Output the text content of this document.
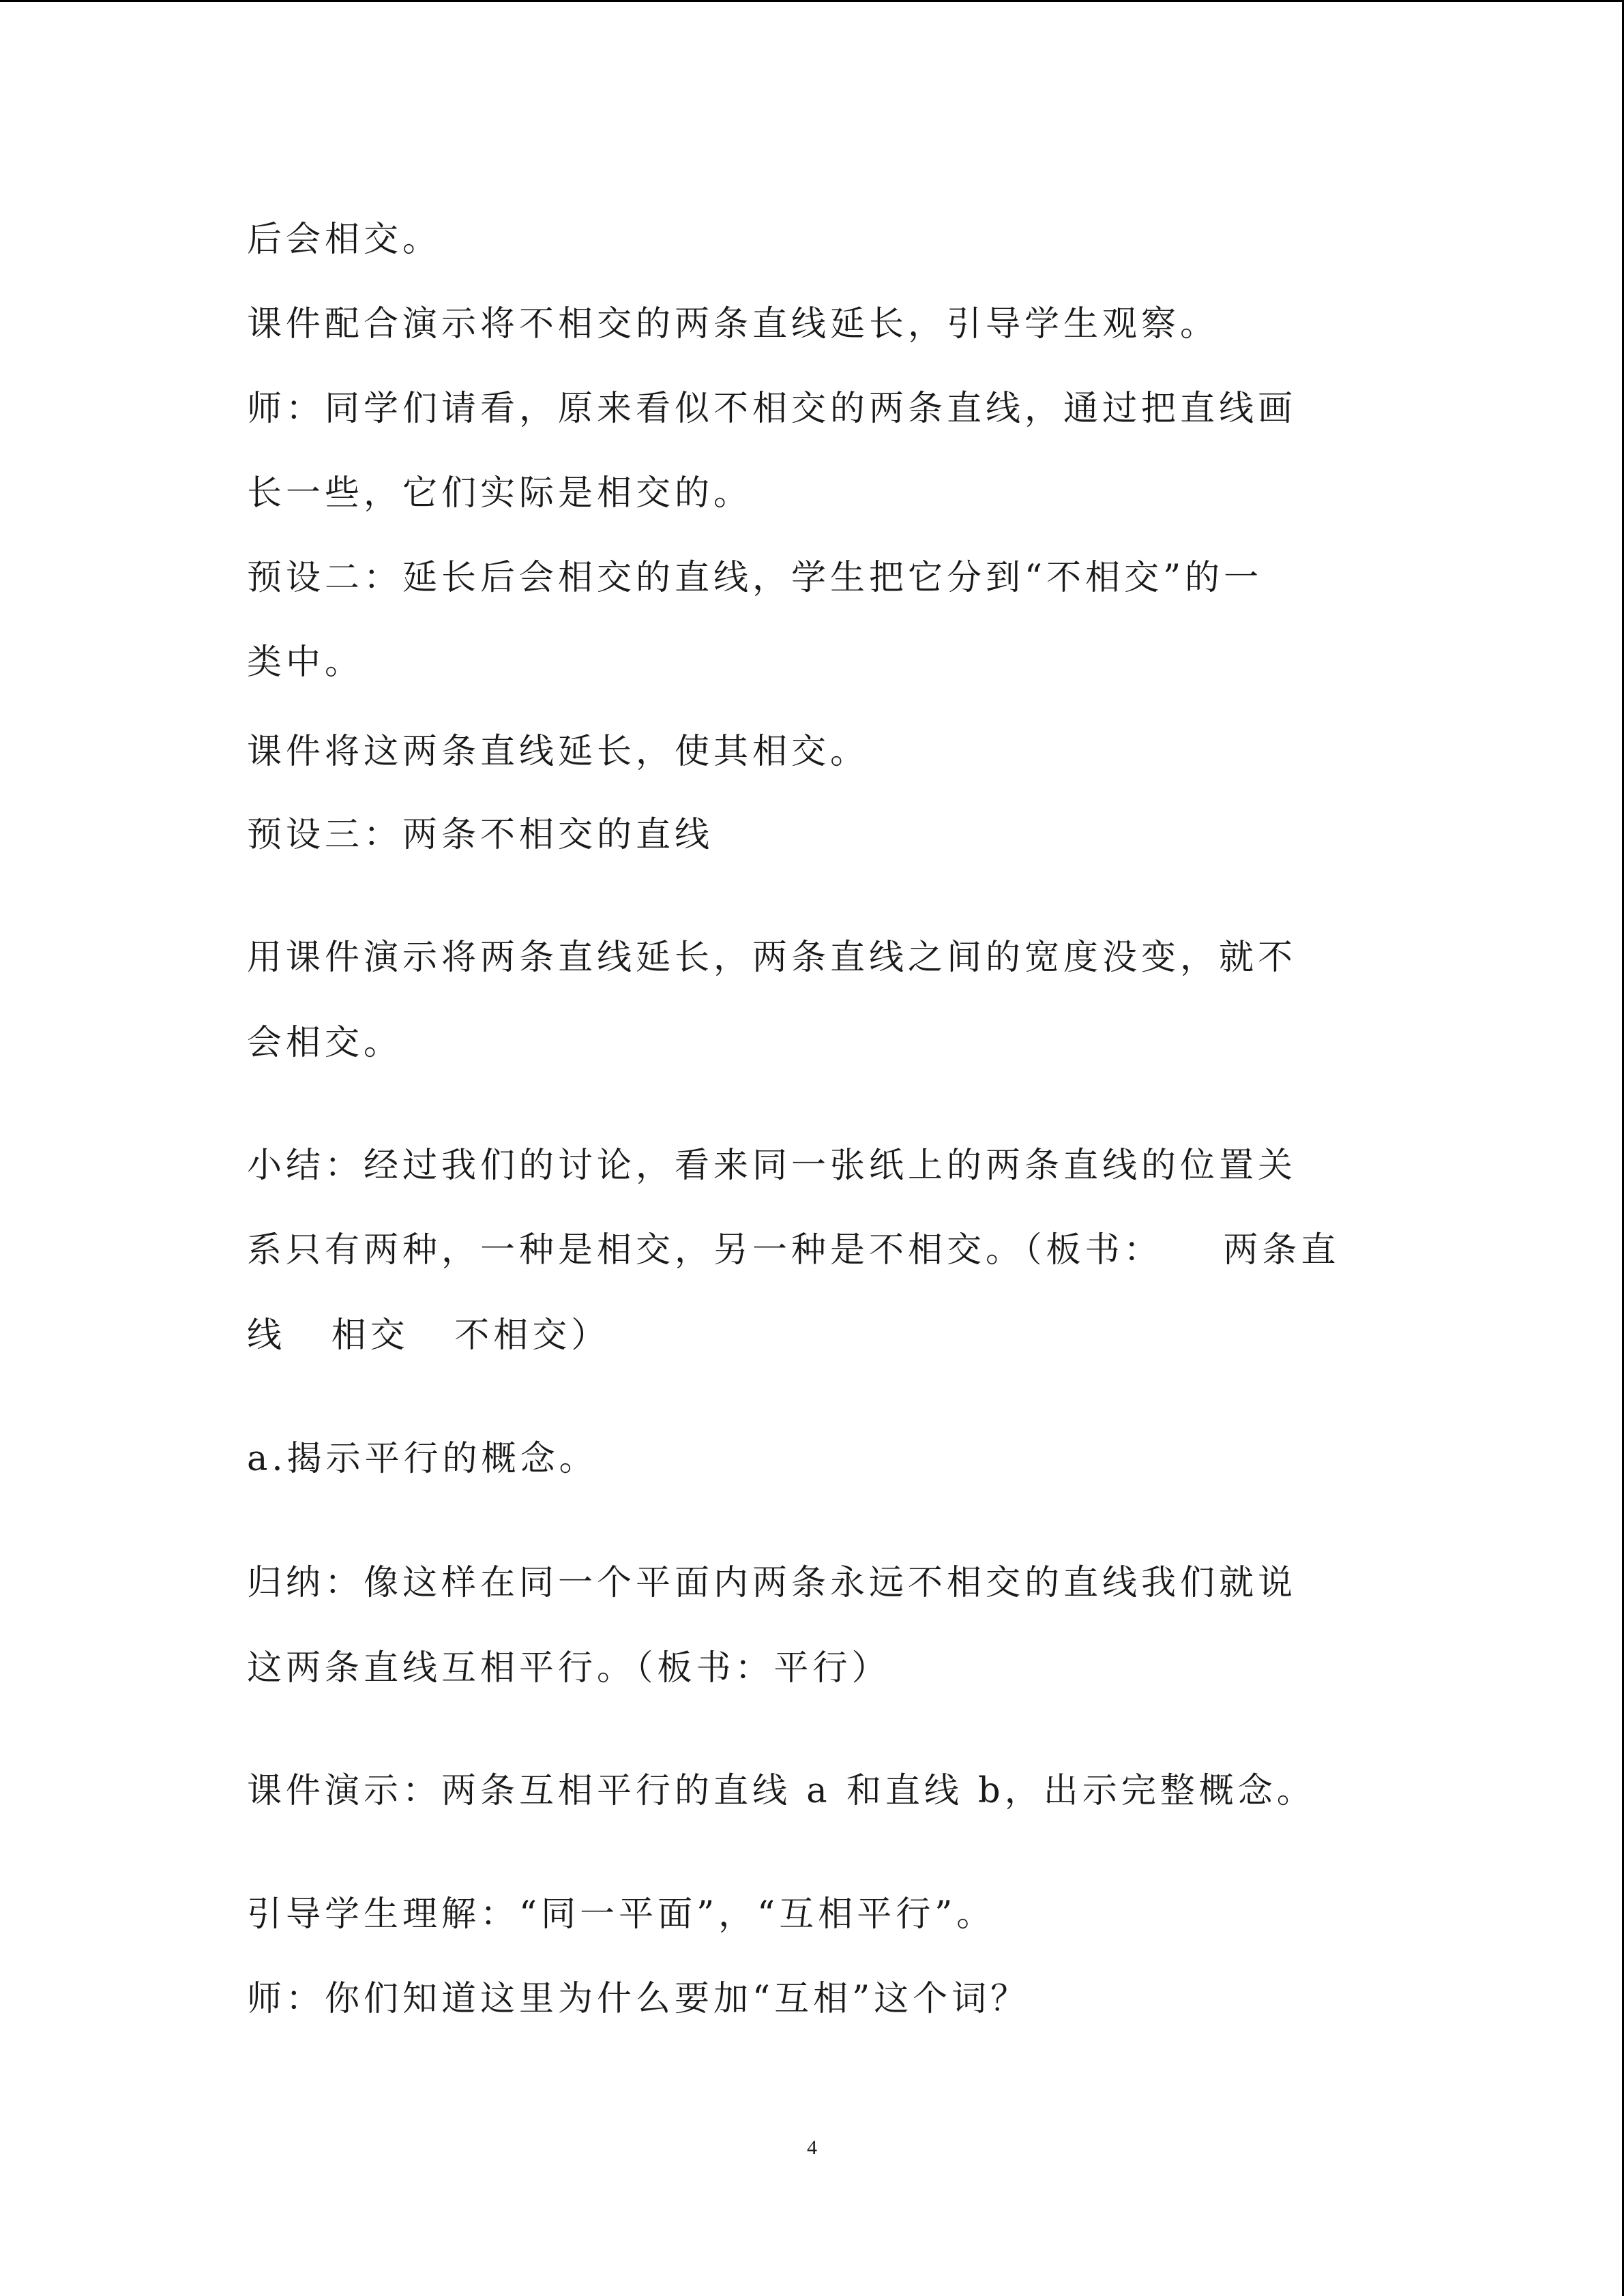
后会相交。
课件配合演示将不相交的两条直线延长，引导学生观察。
师：同学们请看，原来看似不相交的两条直线，通过把直线画
长一些，它们实际是相交的。
预设二：延长后会相交的直线，学生把它分到“不相交”的一
类中。
课件将这两条直线延长，使其相交。
预设三：两条不相交的直线
用课件演示将两条直线延长，两条直线之间的宽度没变，就不
会相交。
小结：经过我们的讨论，看来同一张纸上的两条直线的位置关
系只有两种，一种是相交，另一种是不相交。（板书：    两条直
线   相交   不相交）
a.揭示平行的概念。
归纳：像这样在同一个平面内两条永远不相交的直线我们就说
这两条直线互相平行。（板书：平行）
课件演示：两条互相平行的直线 a 和直线 b，出示完整概念。
引导学生理解：“同一平面”，“互相平行”。
师：你们知道这里为什么要加“互相”这个词？
4
